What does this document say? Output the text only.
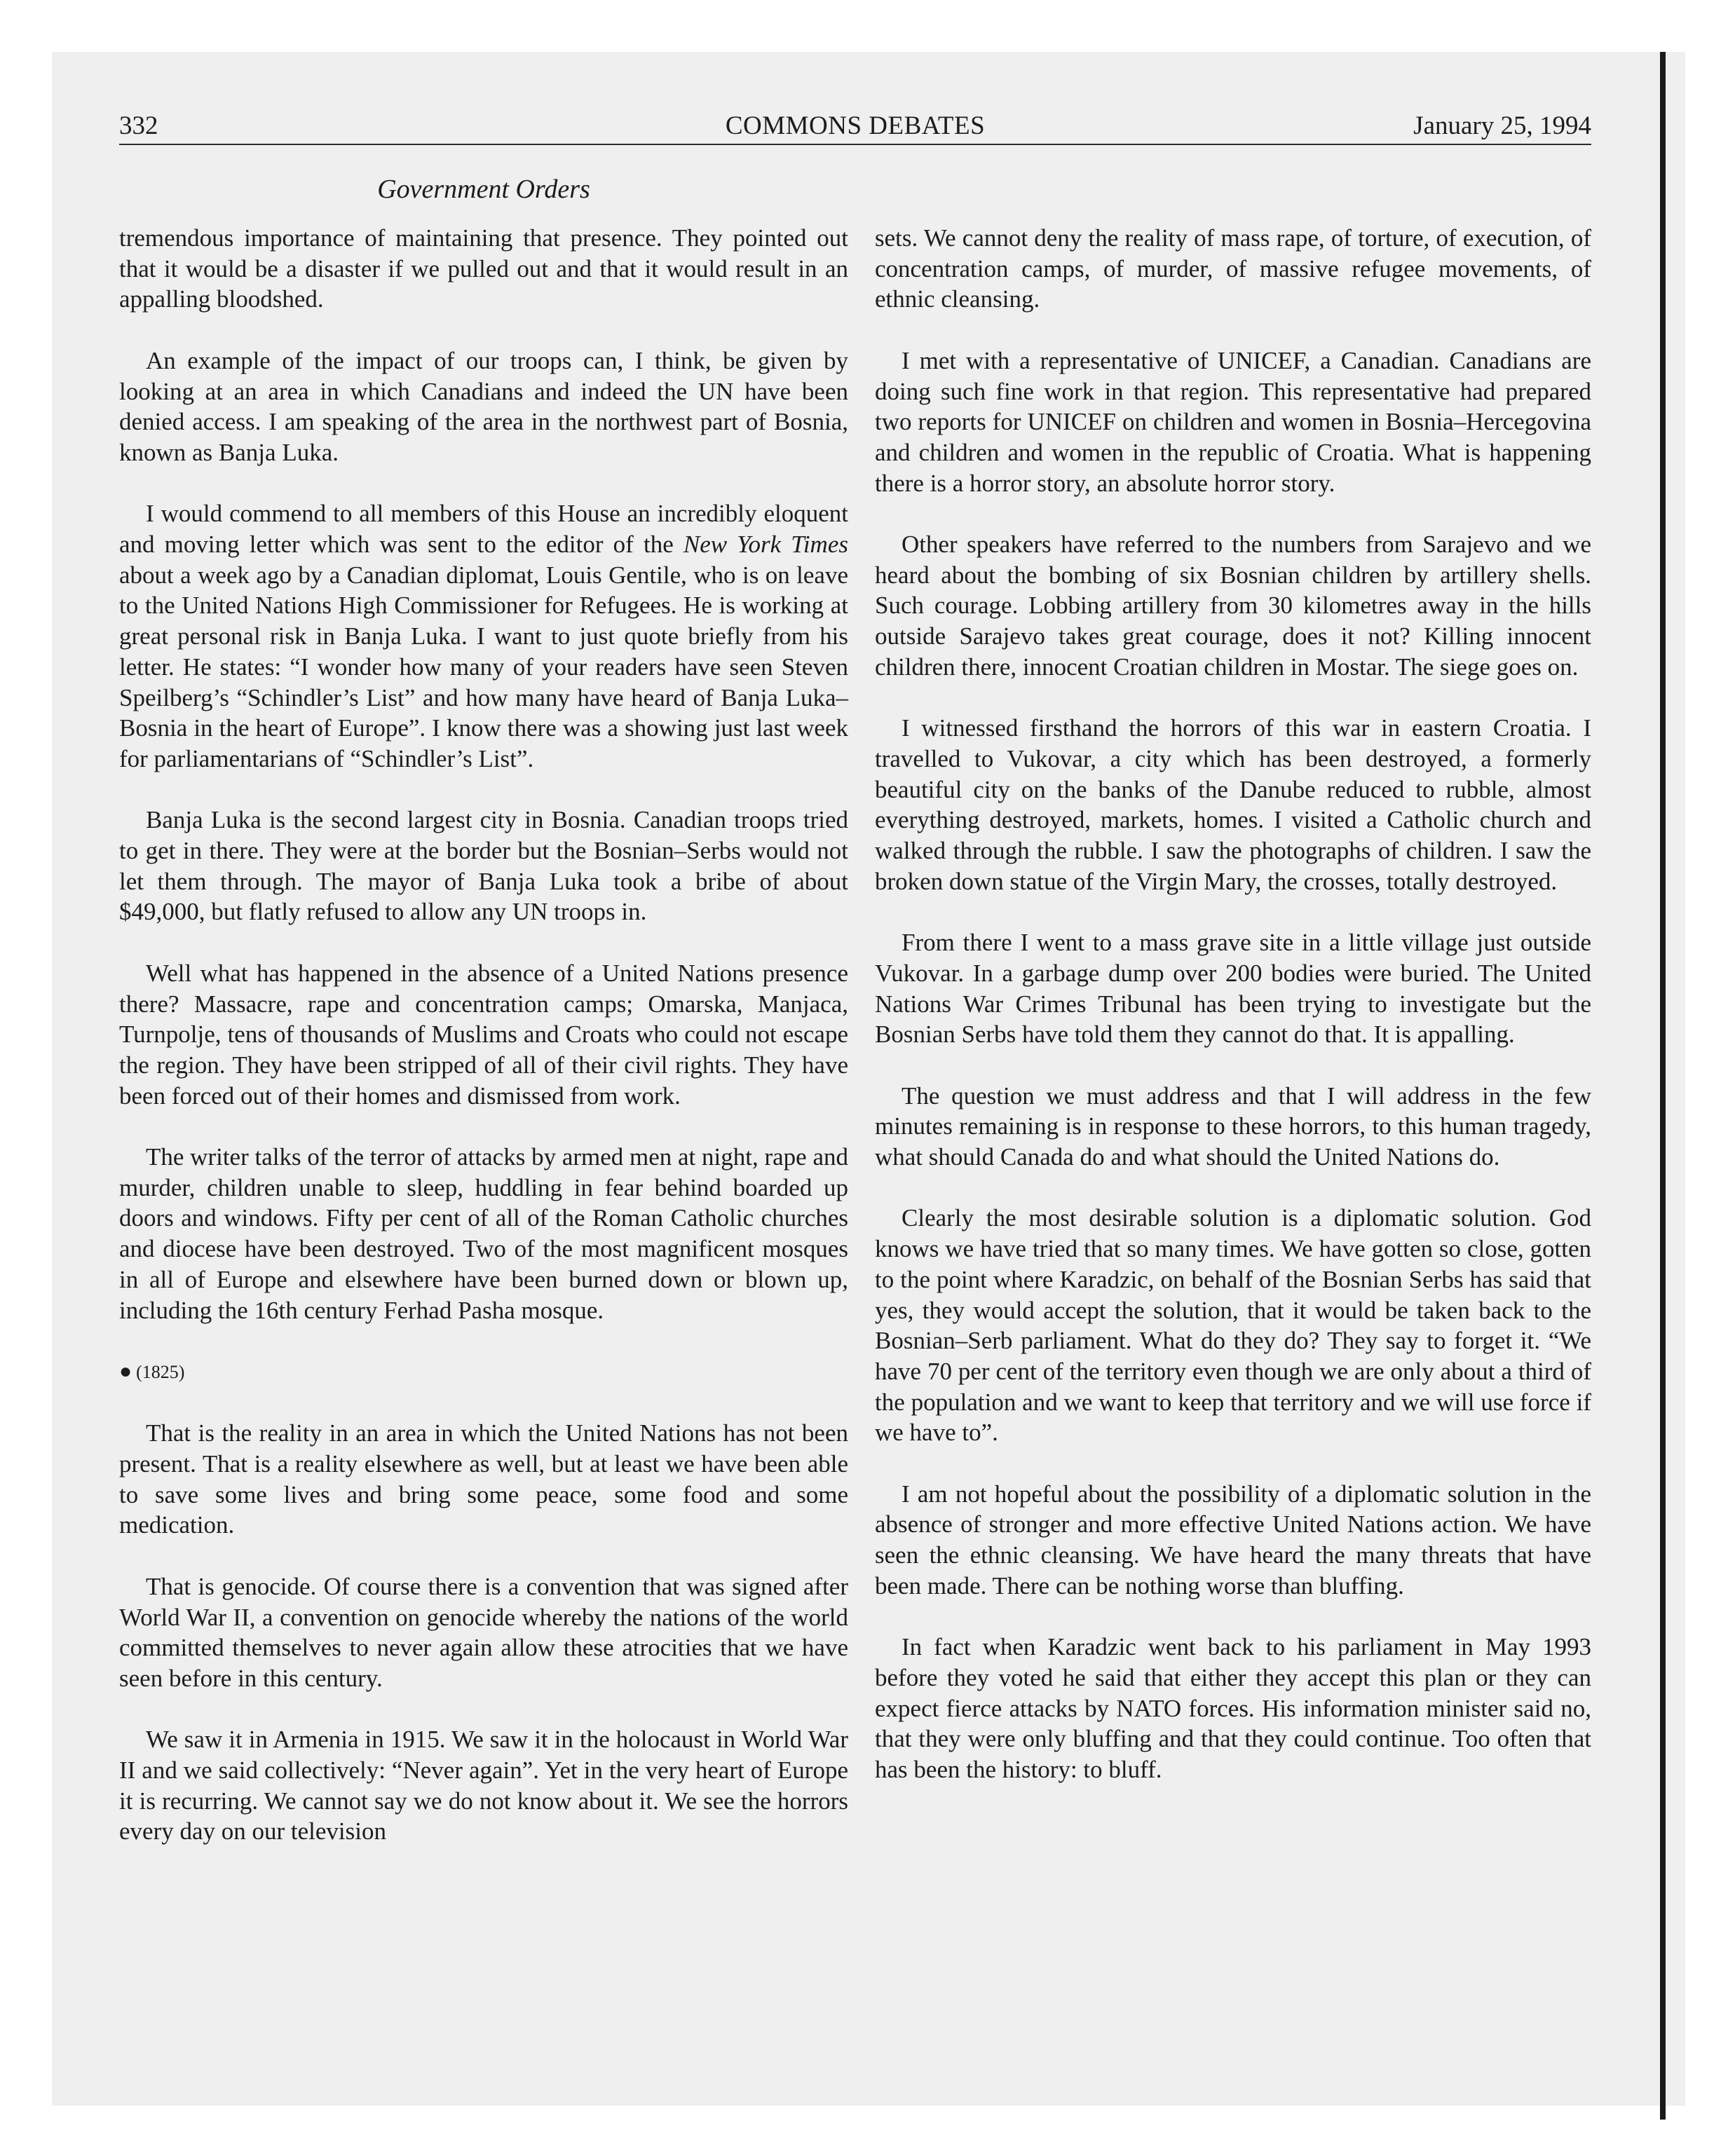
332	COMMONS DEBATES	January 25, 1994
Government Orders

tremendous importance of maintaining that presence. They pointed out that it would be a disaster if we pulled out and that it would result in an appalling bloodshed.

An example of the impact of our troops can, I think, be given by looking at an area in which Canadians and indeed the UN have been denied access. I am speaking of the area in the northwest part of Bosnia, known as Banja Luka.

I would commend to all members of this House an incredibly eloquent and moving letter which was sent to the editor of the New York Times about a week ago by a Canadian diplomat, Louis Gentile, who is on leave to the United Nations High Commissioner for Refugees. He is working at great personal risk in Banja Luka. I want to just quote briefly from his letter. He states: “I wonder how many of your readers have seen Steven Speilberg’s “Schindler’s List” and how many have heard of Banja Luka–Bosnia in the heart of Europe”. I know there was a showing just last week for parliamentarians of “Schindler’s List”.

Banja Luka is the second largest city in Bosnia. Canadian troops tried to get in there. They were at the border but the Bosnian–Serbs would not let them through. The mayor of Banja Luka took a bribe of about $49,000, but flatly refused to allow any UN troops in.

Well what has happened in the absence of a United Nations presence there? Massacre, rape and concentration camps; Omarska, Manjaca, Turnpolje, tens of thousands of Muslims and Croats who could not escape the region. They have been stripped of all of their civil rights. They have been forced out of their homes and dismissed from work.

The writer talks of the terror of attacks by armed men at night, rape and murder, children unable to sleep, huddling in fear behind boarded up doors and windows. Fifty per cent of all of the Roman Catholic churches and diocese have been destroyed. Two of the most magnificent mosques in all of Europe and elsewhere have been burned down or blown up, including the 16th century Ferhad Pasha mosque.

● (1825)

That is the reality in an area in which the United Nations has not been present. That is a reality elsewhere as well, but at least we have been able to save some lives and bring some peace, some food and some medication.

That is genocide. Of course there is a convention that was signed after World War II, a convention on genocide whereby the nations of the world committed themselves to never again allow these atrocities that we have seen before in this century.

We saw it in Armenia in 1915. We saw it in the holocaust in World War II and we said collectively: “Never again”. Yet in the very heart of Europe it is recurring. We cannot say we do not know about it. We see the horrors every day on our television

sets. We cannot deny the reality of mass rape, of torture, of execution, of concentration camps, of murder, of massive refugee movements, of ethnic cleansing.

I met with a representative of UNICEF, a Canadian. Canadians are doing such fine work in that region. This representative had prepared two reports for UNICEF on children and women in Bosnia–Hercegovina and children and women in the republic of Croatia. What is happening there is a horror story, an absolute horror story.

Other speakers have referred to the numbers from Sarajevo and we heard about the bombing of six Bosnian children by artillery shells. Such courage. Lobbing artillery from 30 kilometres away in the hills outside Sarajevo takes great courage, does it not? Killing innocent children there, innocent Croatian children in Mostar. The siege goes on.

I witnessed firsthand the horrors of this war in eastern Croatia. I travelled to Vukovar, a city which has been destroyed, a formerly beautiful city on the banks of the Danube reduced to rubble, almost everything destroyed, markets, homes. I visited a Catholic church and walked through the rubble. I saw the photographs of children. I saw the broken down statue of the Virgin Mary, the crosses, totally destroyed.

From there I went to a mass grave site in a little village just outside Vukovar. In a garbage dump over 200 bodies were buried. The United Nations War Crimes Tribunal has been trying to investigate but the Bosnian Serbs have told them they cannot do that. It is appalling.

The question we must address and that I will address in the few minutes remaining is in response to these horrors, to this human tragedy, what should Canada do and what should the United Nations do.

Clearly the most desirable solution is a diplomatic solution. God knows we have tried that so many times. We have gotten so close, gotten to the point where Karadzic, on behalf of the Bosnian Serbs has said that yes, they would accept the solution, that it would be taken back to the Bosnian–Serb parliament. What do they do? They say to forget it. “We have 70 per cent of the territory even though we are only about a third of the population and we want to keep that territory and we will use force if we have to”.

I am not hopeful about the possibility of a diplomatic solution in the absence of stronger and more effective United Nations action. We have seen the ethnic cleansing. We have heard the many threats that have been made. There can be nothing worse than bluffing.

In fact when Karadzic went back to his parliament in May 1993 before they voted he said that either they accept this plan or they can expect fierce attacks by NATO forces. His information minister said no, that they were only bluffing and that they could continue. Too often that has been the history: to bluff.
